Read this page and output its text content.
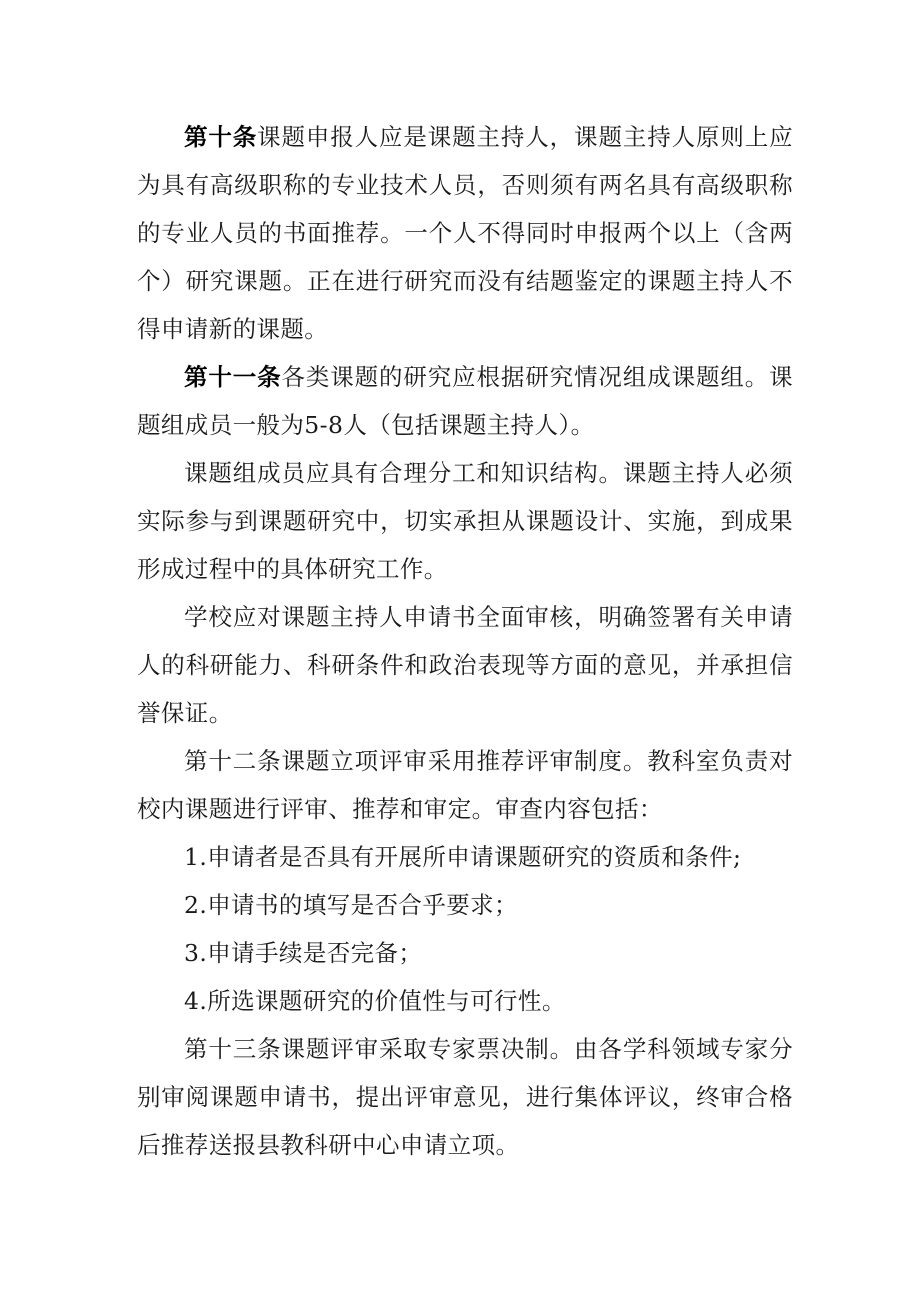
第十条课题申报人应是课题主持人，课题主持人原则上应为具有高级职称的专业技术人员，否则须有两名具有高级职称的专业人员的书面推荐。一个人不得同时申报两个以上（含两个）研究课题。正在进行研究而没有结题鉴定的课题主持人不得申请新的课题。

第十一条各类课题的研究应根据研究情况组成课题组。课题组成员一般为5-8人（包括课题主持人）。

课题组成员应具有合理分工和知识结构。课题主持人必须实际参与到课题研究中，切实承担从课题设计、实施，到成果形成过程中的具体研究工作。

学校应对课题主持人申请书全面审核，明确签署有关申请人的科研能力、科研条件和政治表现等方面的意见，并承担信誉保证。

第十二条课题立项评审采用推荐评审制度。教科室负责对校内课题进行评审、推荐和审定。审查内容包括：

1.申请者是否具有开展所申请课题研究的资质和条件;

2.申请书的填写是否合乎要求；

3.申请手续是否完备；

4.所选课题研究的价值性与可行性。

第十三条课题评审采取专家票决制。由各学科领域专家分别审阅课题申请书，提出评审意见，进行集体评议，终审合格后推荐送报县教科研中心申请立项。
